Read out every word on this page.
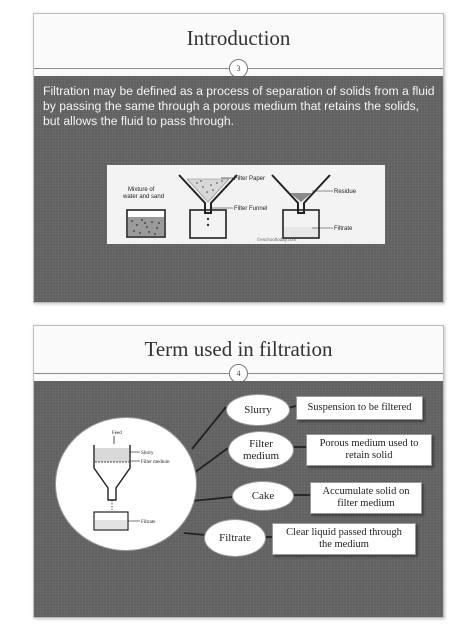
Introduction
3
Filtration may be defined as a process of separation of solids from a fluid by passing the same through a porous medium that retains the solids, but allows the fluid to pass through.
Mixture of
water and sand
Filter Paper
Filter Funnel
Residue
Filtrate
©eschooltoday.com
Term used in filtration
4
Feed
Slurry
Filter medium
Filtrate
Slurry
Filter
medium
Cake
Filtrate
Suspension to be filtered
Porous medium used to
retain solid
Accumulate solid on
filter medium
Clear liquid passed through
the medium
